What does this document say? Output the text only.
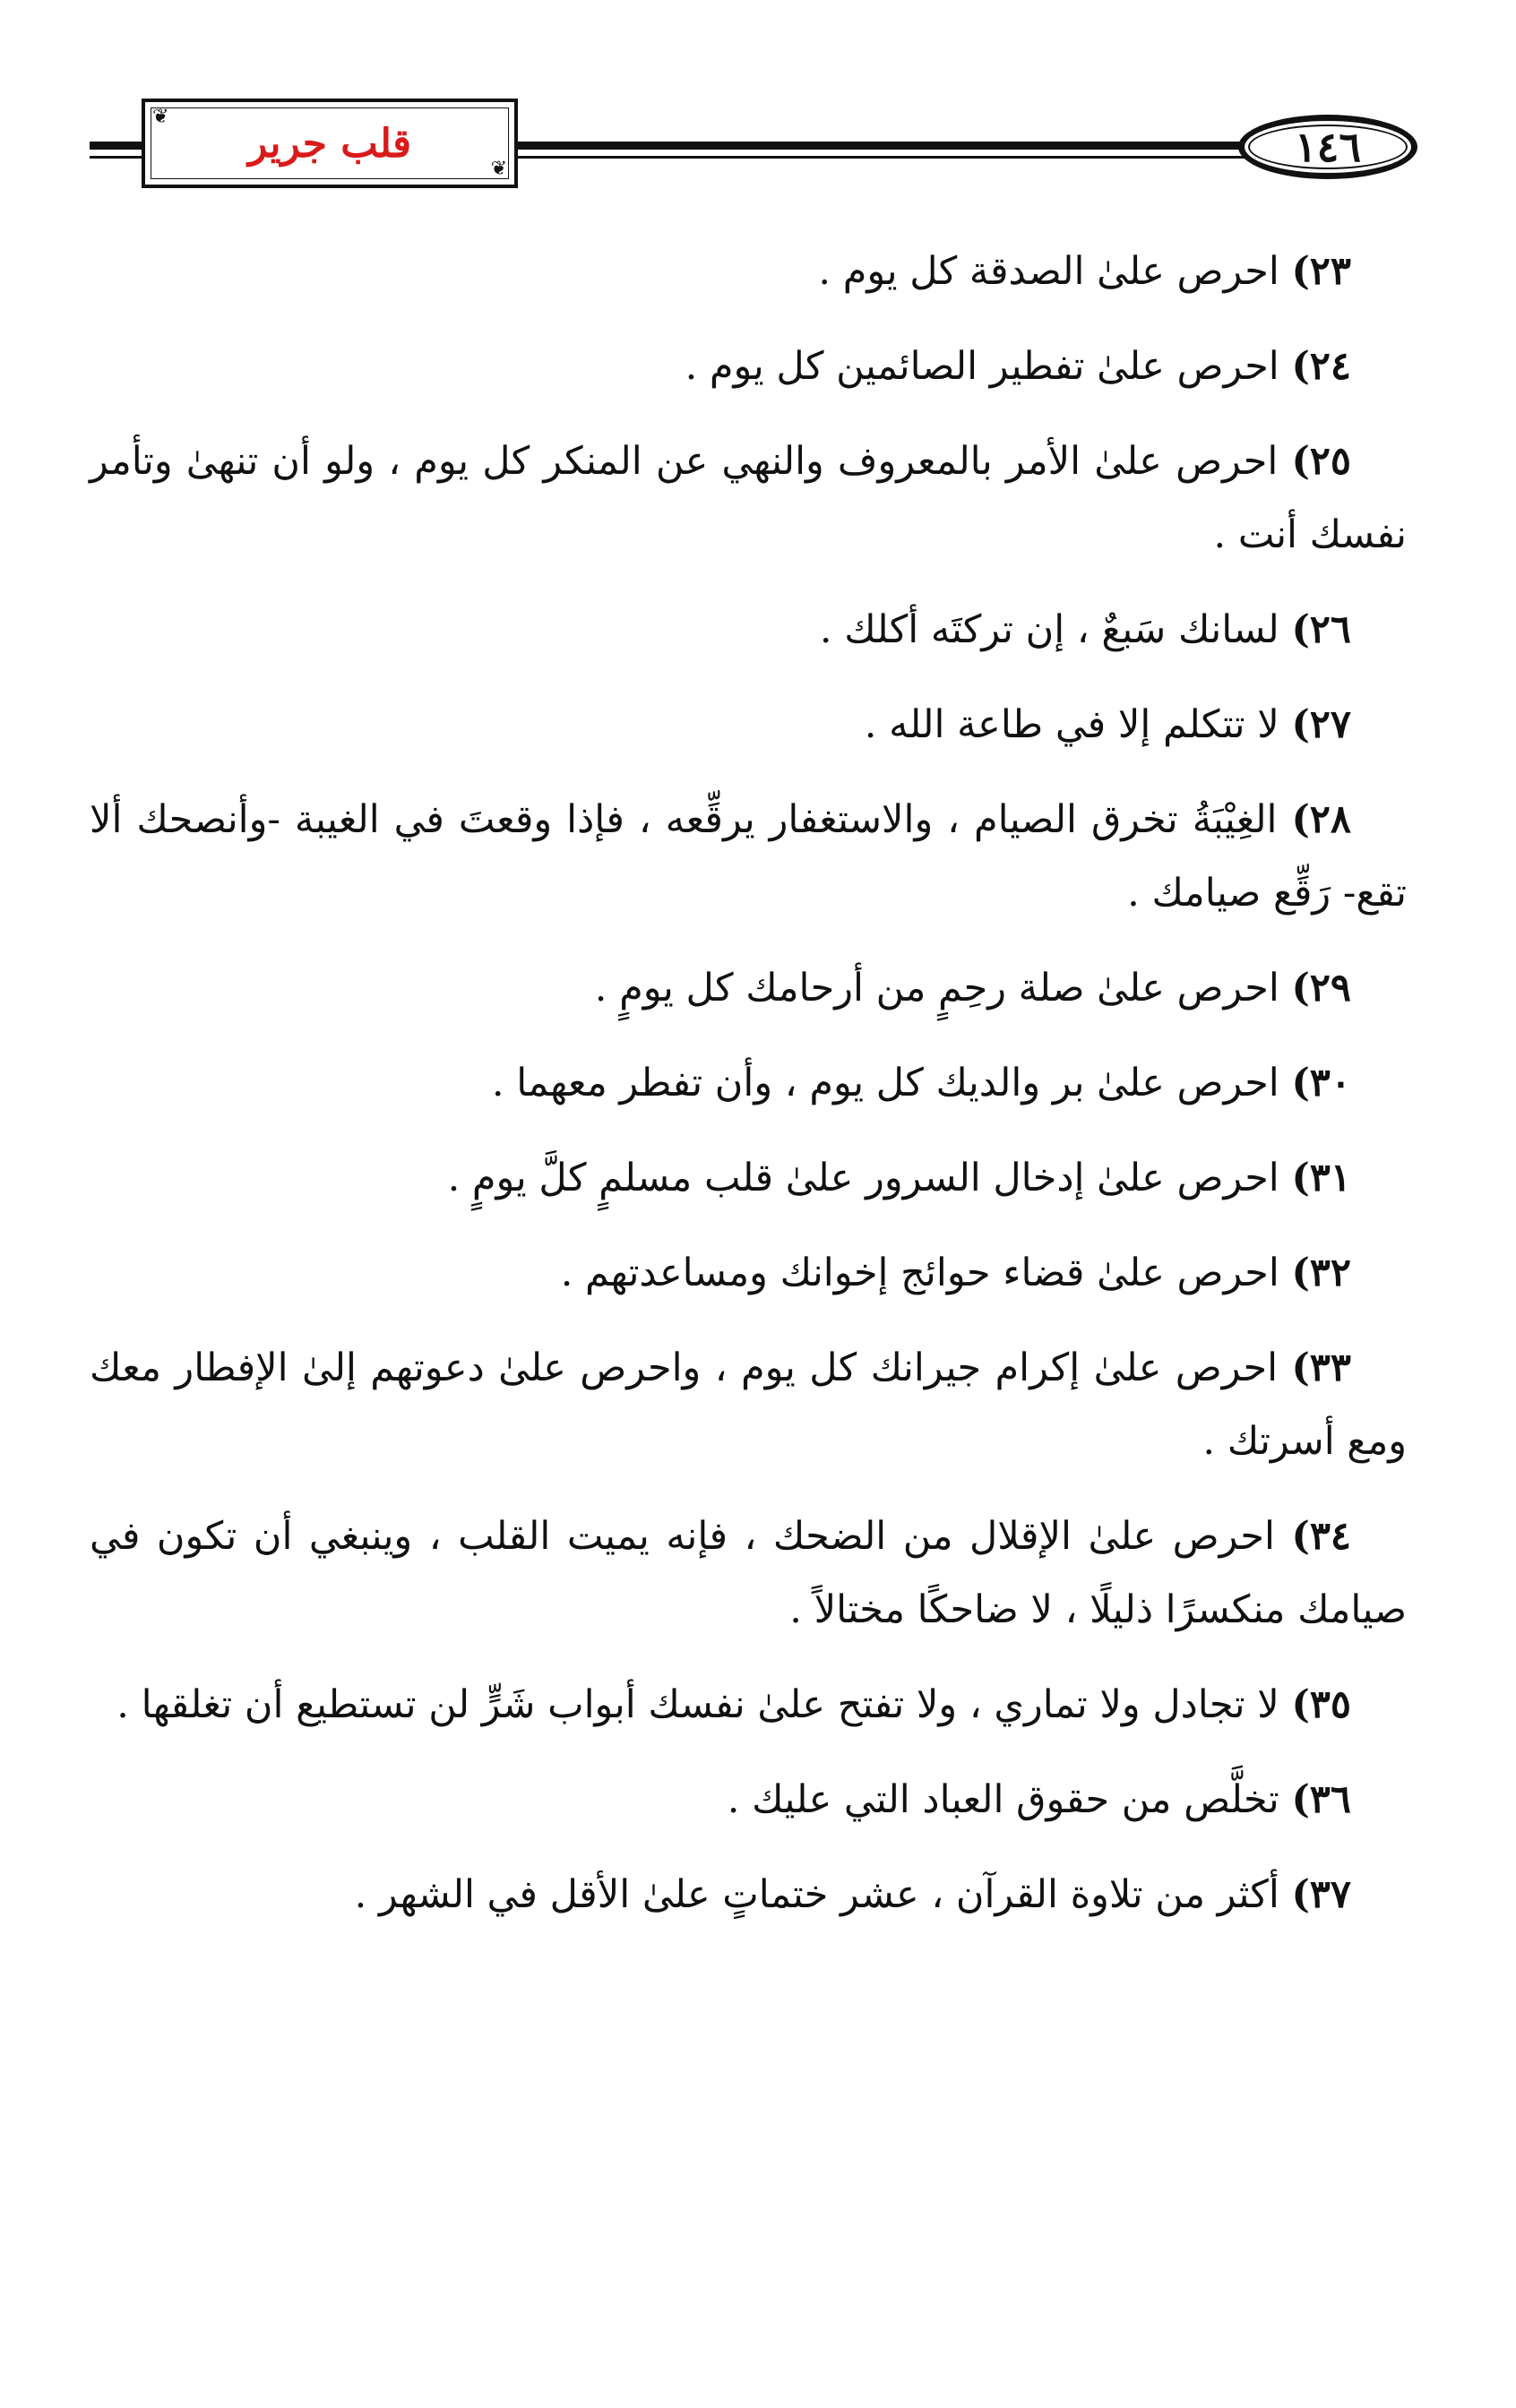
❦
❦
قلب جرير	١٤٦

٢٣) احرص علىٰ الصدقة كل يوم .

٢٤) احرص علىٰ تفطير الصائمين كل يوم .

٢٥) احرص علىٰ الأمر بالمعروف والنهي عن المنكر كل يوم ، ولو أن تنهىٰ وتأمر نفسك أنت .

٢٦) لسانك سَبعٌ ، إن تركتَه أكلك .

٢٧) لا تتكلم إلا في طاعة الله .

٢٨) الغِيْبَةُ تخرق الصيام ، والاستغفار يرقِّعه ، فإذا وقعتَ في الغيبة -وأنصحك ألا تقع- رَقِّع صيامك .

٢٩) احرص علىٰ صلة رحِمٍ من أرحامك كل يومٍ .

٣٠) احرص علىٰ بر والديك كل يوم ، وأن تفطر معهما .

٣١) احرص علىٰ إدخال السرور علىٰ قلب مسلمٍ كلَّ يومٍ .

٣٢) احرص علىٰ قضاء حوائج إخوانك ومساعدتهم .

٣٣) احرص علىٰ إكرام جيرانك كل يوم ، واحرص علىٰ دعوتهم إلىٰ الإفطار معك ومع أسرتك .

٣٤) احرص علىٰ الإقلال من الضحك ، فإنه يميت القلب ، وينبغي أن تكون في صيامك منكسرًا ذليلًا ، لا ضاحكًا مختالاً .

٣٥) لا تجادل ولا تماري ، ولا تفتح علىٰ نفسك أبواب شَرٍّ لن تستطيع أن تغلقها .

٣٦) تخلَّص من حقوق العباد التي عليك .

٣٧) أكثر من تلاوة القرآن ، عشر ختماتٍ علىٰ الأقل في الشهر .
